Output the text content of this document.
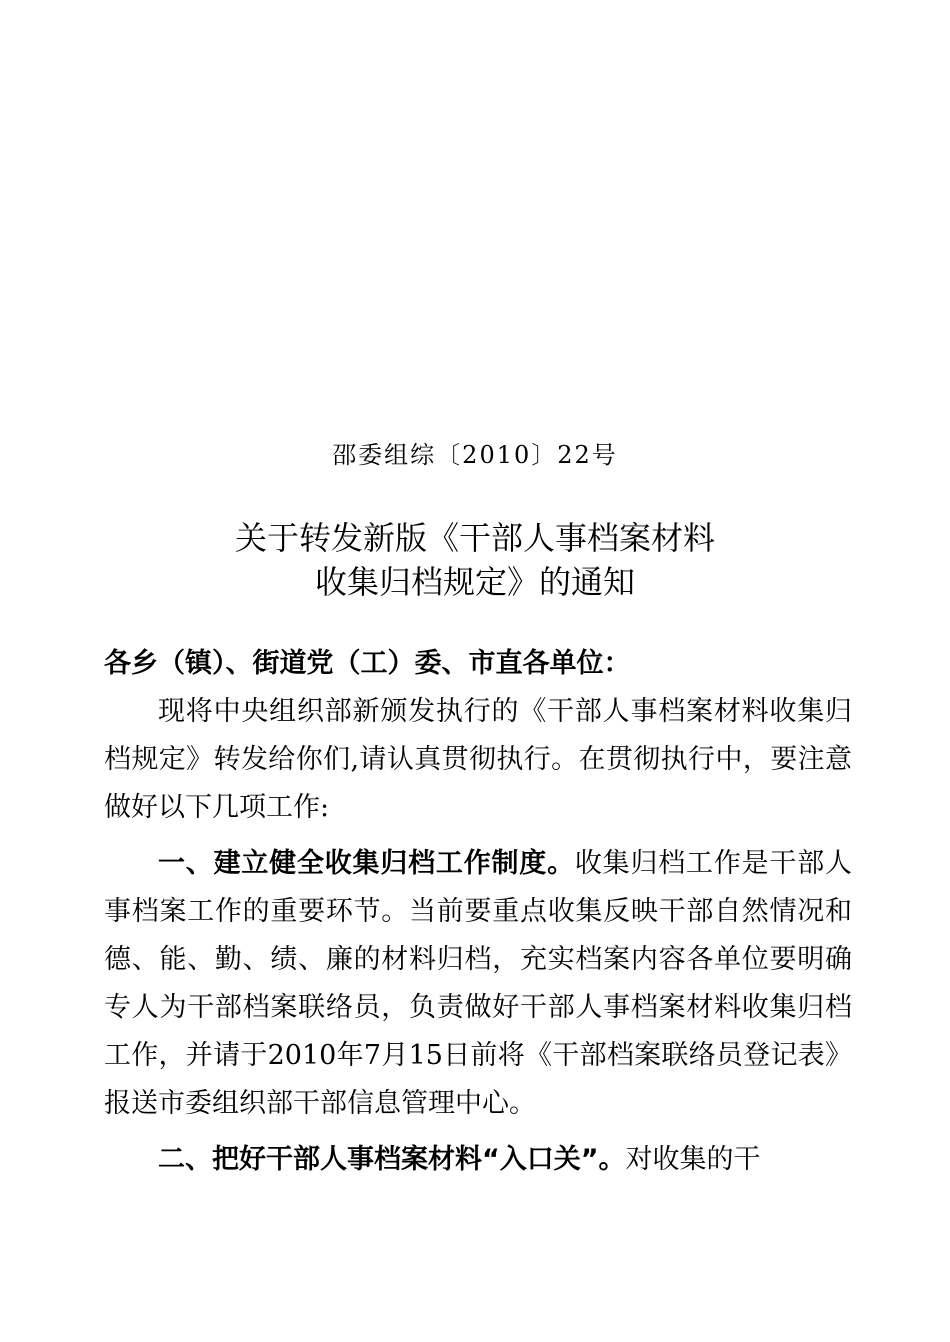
邵委组综〔2010〕22号
关于转发新版《干部人事档案材料
收集归档规定》的通知
各乡（镇）、街道党（工）委、市直各单位：

现将中央组织部新颁发执行的《干部人事档案材料收集归档规定》转发给你们,请认真贯彻执行。在贯彻执行中，要注意做好以下几项工作:

一、建立健全收集归档工作制度。收集归档工作是干部人事档案工作的重要环节。当前要重点收集反映干部自然情况和德、能、勤、绩、廉的材料归档，充实档案内容各单位要明确专人为干部档案联络员，负责做好干部人事档案材料收集归档工作，并请于2010年7月15日前将《干部档案联络员登记表》报送市委组织部干部信息管理中心。

二、把好干部人事档案材料“入口关”。对收集的干
